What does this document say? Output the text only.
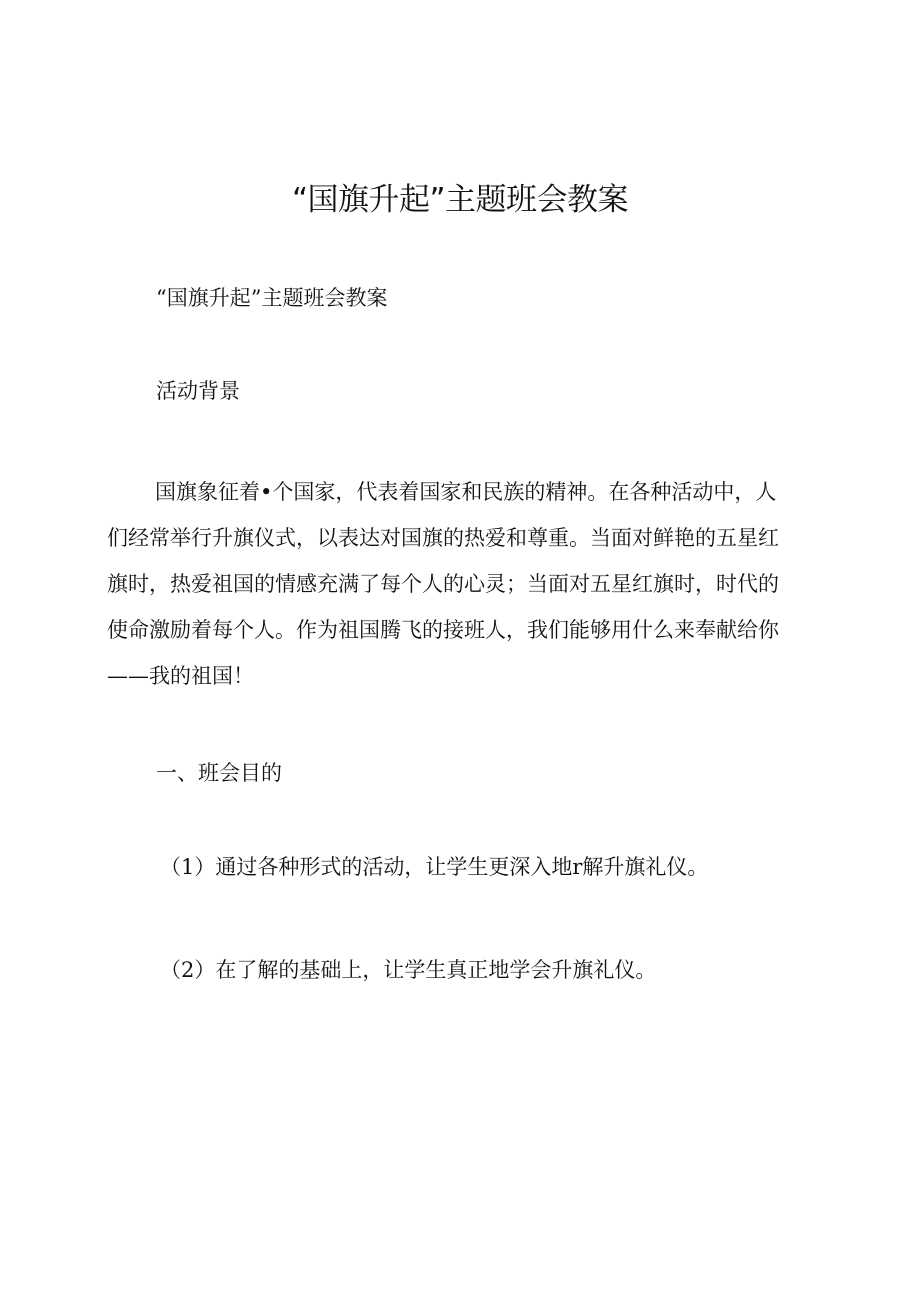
“国旗升起”主题班会教案

“国旗升起”主题班会教案

活动背景

国旗象征着•个国家，代表着国家和民族的精神。在各种活动中，人
们经常举行升旗仪式，以表达对国旗的热爱和尊重。当面对鲜艳的五星红
旗时，热爱祖国的情感充满了每个人的心灵；当面对五星红旗时，时代的
使命激励着每个人。作为祖国腾飞的接班人，我们能够用什么来奉献给你
——我的祖国！

一、班会目的

（1）通过各种形式的活动，让学生更深入地r解升旗礼仪。

（2）在了解的基础上，让学生真正地学会升旗礼仪。
